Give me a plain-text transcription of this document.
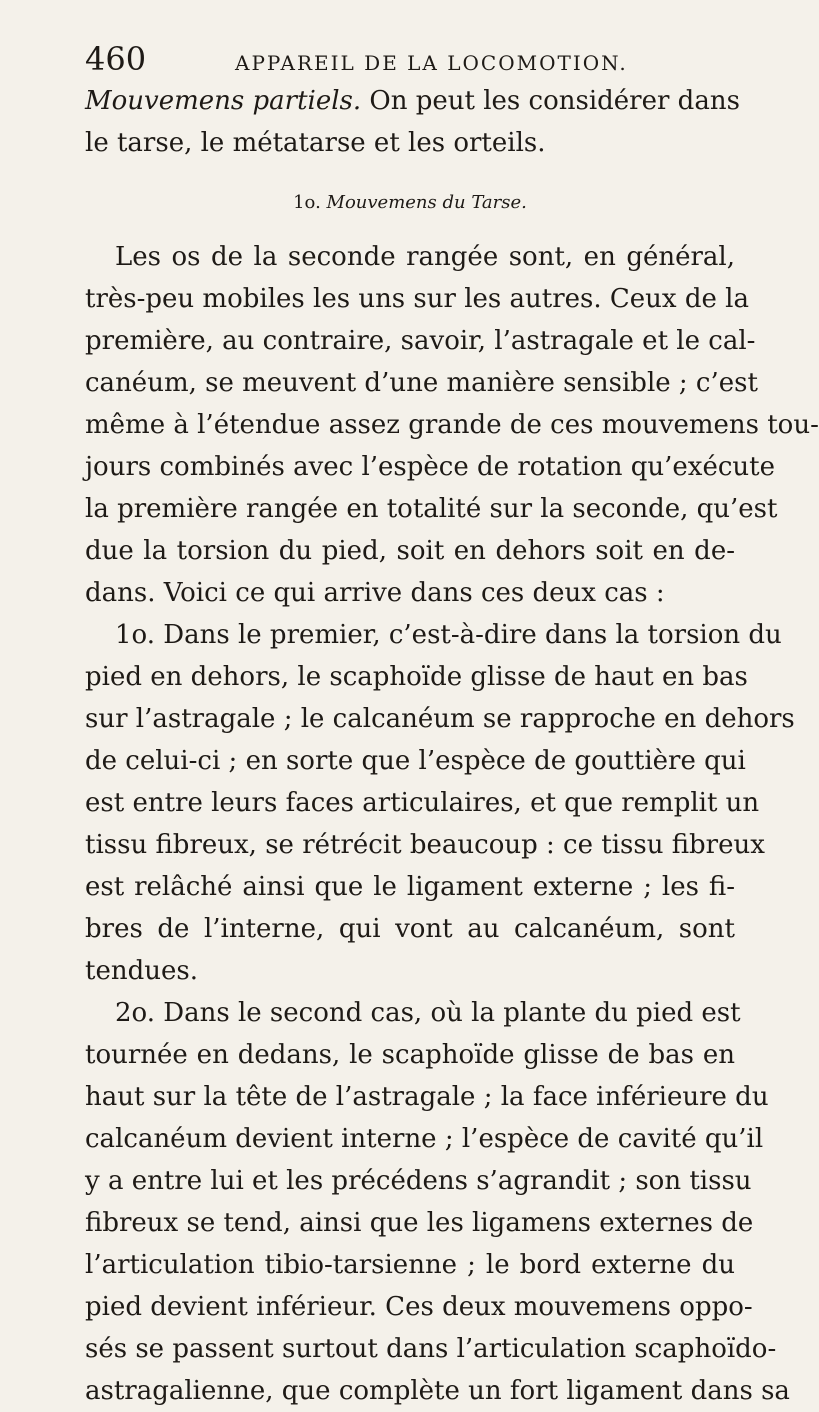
460	APPAREIL DE LA LOCOMOTION.
Mouvemens partiels. On peut les considérer dans
le tarse, le métatarse et les orteils.
1o. Mouvemens du Tarse.
Les os de la seconde rangée sont, en général,
très-peu mobiles les uns sur les autres. Ceux de la
première, au contraire, savoir, l’astragale et le cal-
canéum, se meuvent d’une manière sensible ; c’est
même à l’étendue assez grande de ces mouvemens tou-
jours combinés avec l’espèce de rotation qu’exécute
la première rangée en totalité sur la seconde, qu’est
due la torsion du pied, soit en dehors soit en de-
dans. Voici ce qui arrive dans ces deux cas :
1o. Dans le premier, c’est-à-dire dans la torsion du
pied en dehors, le scaphoïde glisse de haut en bas
sur l’astragale ; le calcanéum se rapproche en dehors
de celui-ci ; en sorte que l’espèce de gouttière qui
est entre leurs faces articulaires, et que remplit un
tissu fibreux, se rétrécit beaucoup : ce tissu fibreux
est relâché ainsi que le ligament externe ; les fi-
bres de l’interne, qui vont au calcanéum, sont
tendues.
2o. Dans le second cas, où la plante du pied est
tournée en dedans, le scaphoïde glisse de bas en
haut sur la tête de l’astragale ; la face inférieure du
calcanéum devient interne ; l’espèce de cavité qu’il
y a entre lui et les précédens s’agrandit ; son tissu
fibreux se tend, ainsi que les ligamens externes de
l’articulation tibio-tarsienne ; le bord externe du
pied devient inférieur. Ces deux mouvemens oppo-
sés se passent surtout dans l’articulation scaphoïdo-
astragalienne, que complète un fort ligament dans sa
